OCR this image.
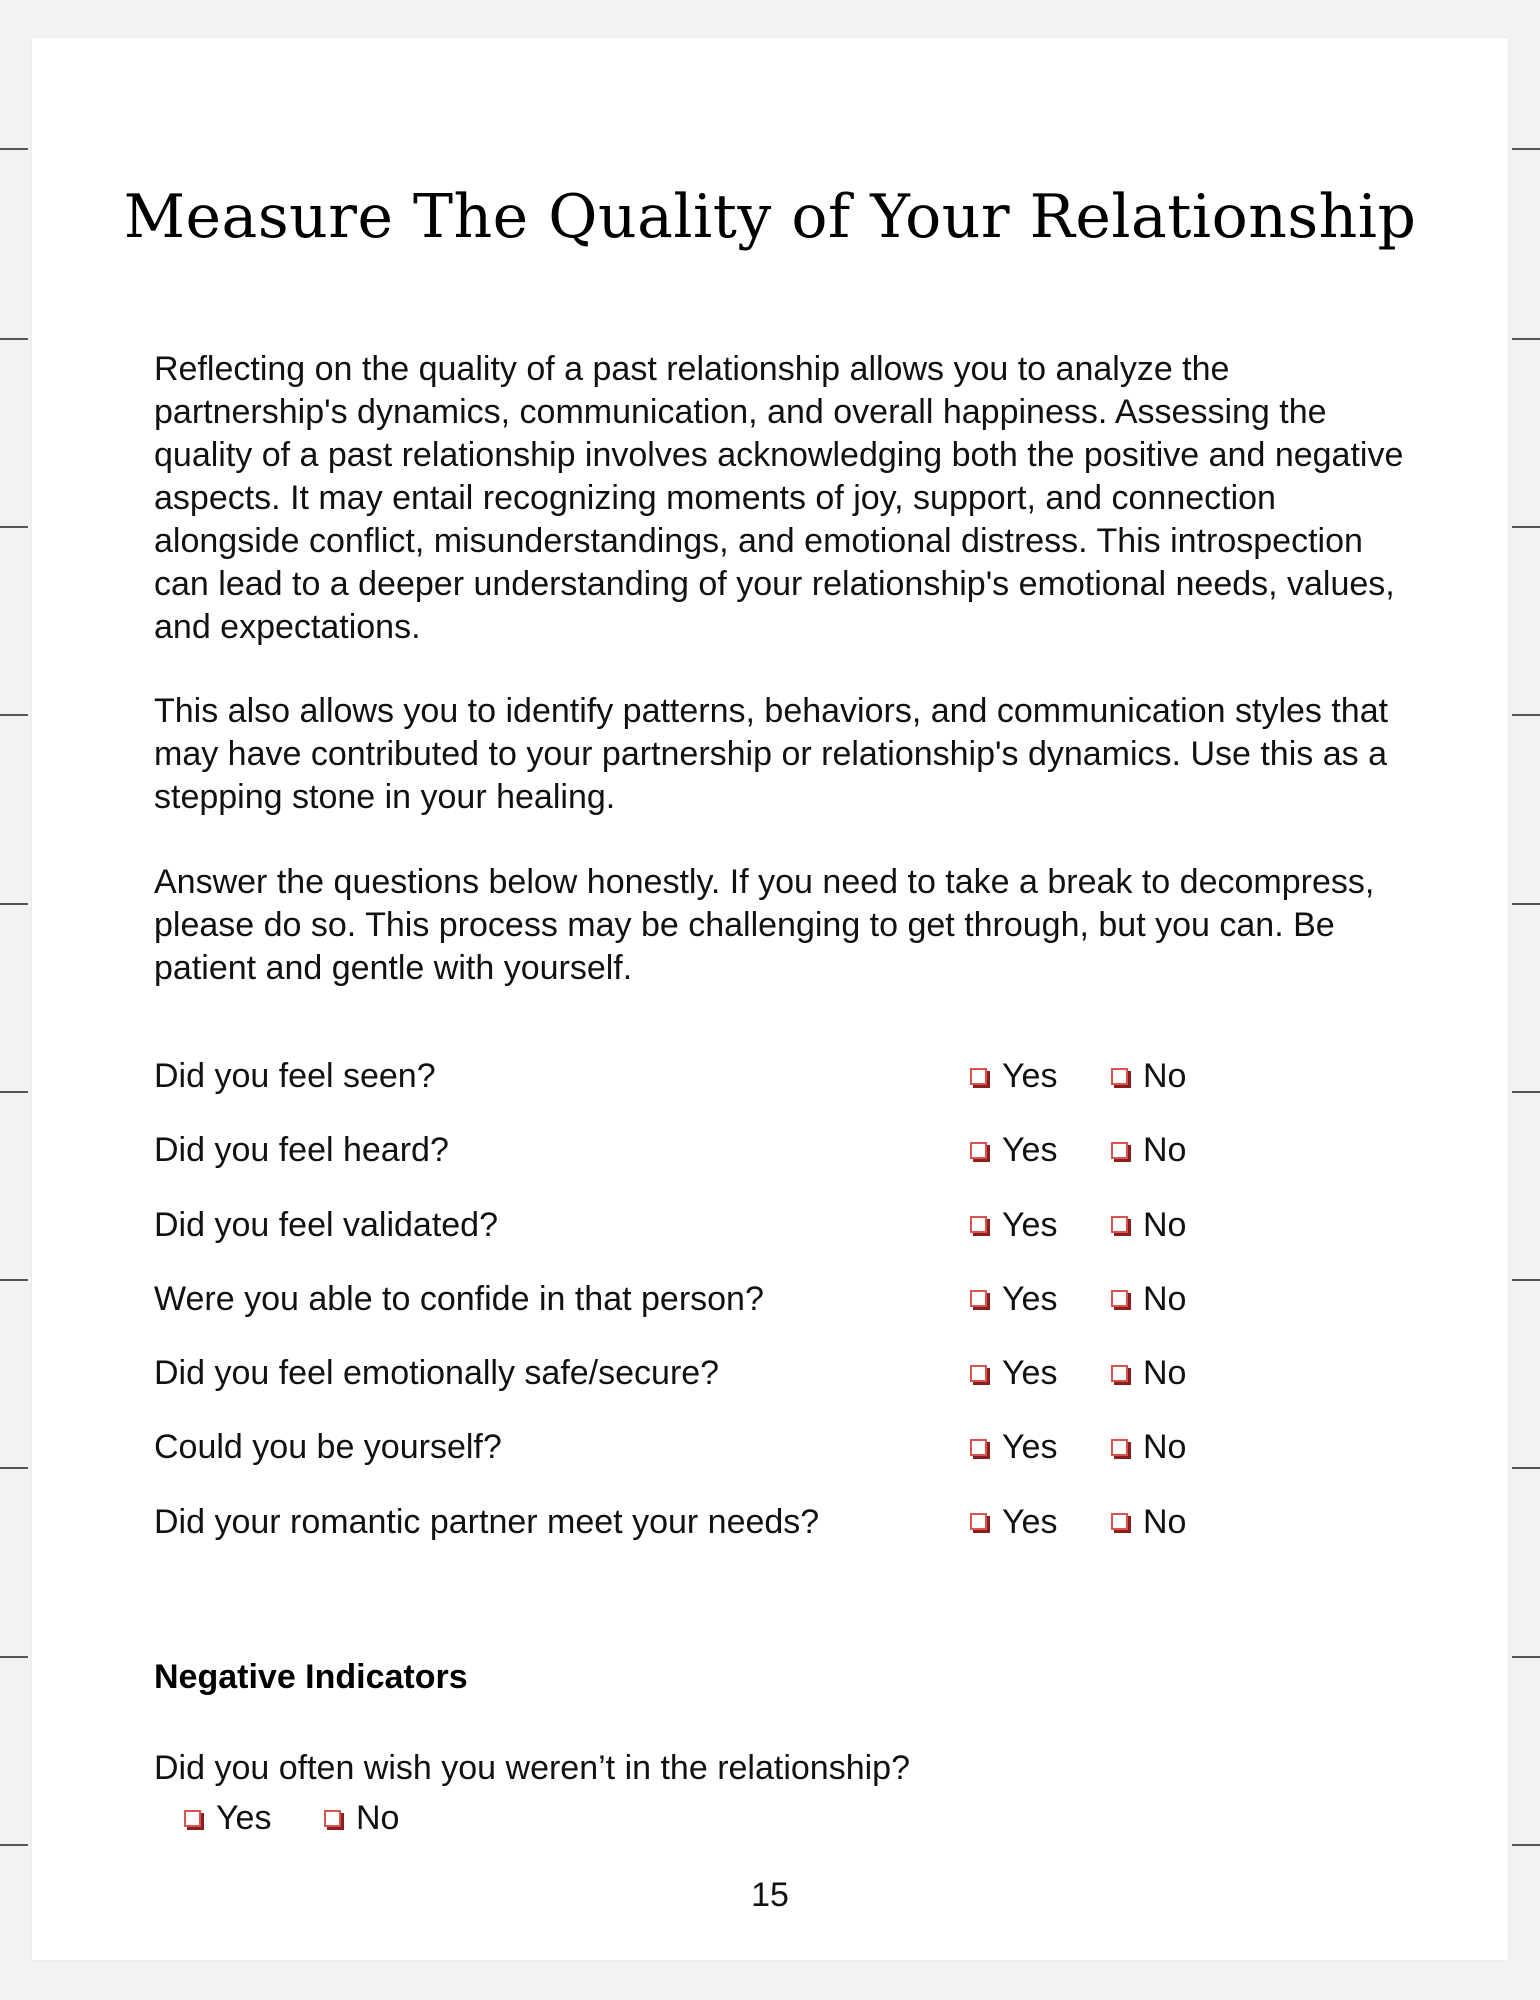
Measure The Quality of Your Relationship

Reflecting on the quality of a past relationship allows you to analyze the partnership's dynamics, communication, and overall happiness. Assessing the quality of a past relationship involves acknowledging both the positive and negative aspects. It may entail recognizing moments of joy, support, and connection alongside conflict, misunderstandings, and emotional distress. This introspection can lead to a deeper understanding of your relationship's emotional needs, values, and expectations.

This also allows you to identify patterns, behaviors, and communication styles that may have contributed to your partnership or relationship's dynamics. Use this as a stepping stone in your healing.

Answer the questions below honestly. If you need to take a break to decompress, please do so. This process may be challenging to get through, but you can. Be patient and gentle with yourself.

Did you feel seen?	Yes	No
Did you feel heard?	Yes	No
Did you feel validated?	Yes	No
Were you able to confide in that person?	Yes	No
Did you feel emotionally safe/secure?	Yes	No
Could you be yourself?	Yes	No
Did your romantic partner meet your needs?	Yes	No
Negative Indicators

Did you often wish you weren’t in the relationship?

Yes No
15
